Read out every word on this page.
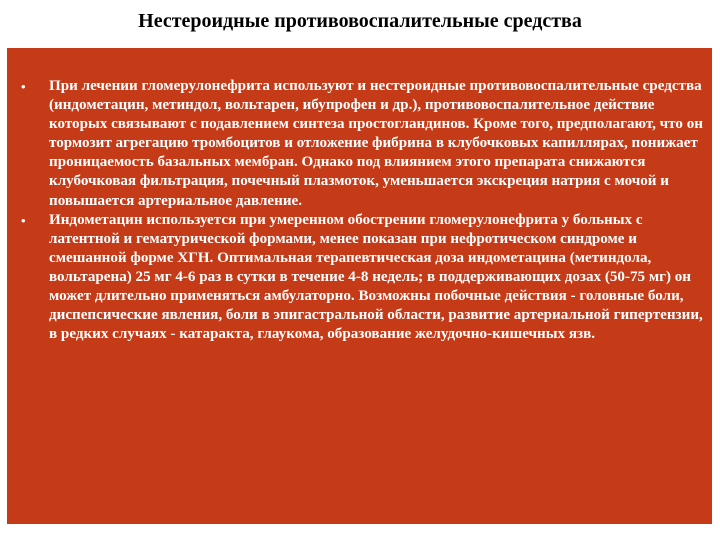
Нестероидные противовоспалительные средства
• При лечении гломерулонефрита используют и нестероидные противовоспалительные средства (индометацин, метиндол, вольтарен, ибупрофен и др.), противовоспалительное действие которых связывают с подавлением синтеза простогландинов. Кроме того, предполагают, что он тормозит агрегацию тромбоцитов и отложение фибрина в клубочковых капиллярах, понижает проницаемость базальных мембран. Однако под влиянием этого препарата снижаются клубочковая фильтрация, почечный плазмоток, уменьшается экскреция натрия с мочой и повышается артериальное давление.
• Индометацин используется при умеренном обострении гломерулонефрита у больных с латентной и гематурической формами, менее показан при нефротическом синдроме и смешанной форме ХГН. Оптимальная терапевтическая доза индометацина (метиндола, вольтарена) 25 мг 4-6 раз в сутки в течение 4-8 недель; в поддерживающих дозах (50-75 мг) он может длительно применяться амбулаторно. Возможны побочные действия - головные боли, диспепсические явления, боли в эпигастральной области, развитие артериальной гипертензии, в редких случаях - катаракта, глаукома, образование желудочно-кишечных язв.
